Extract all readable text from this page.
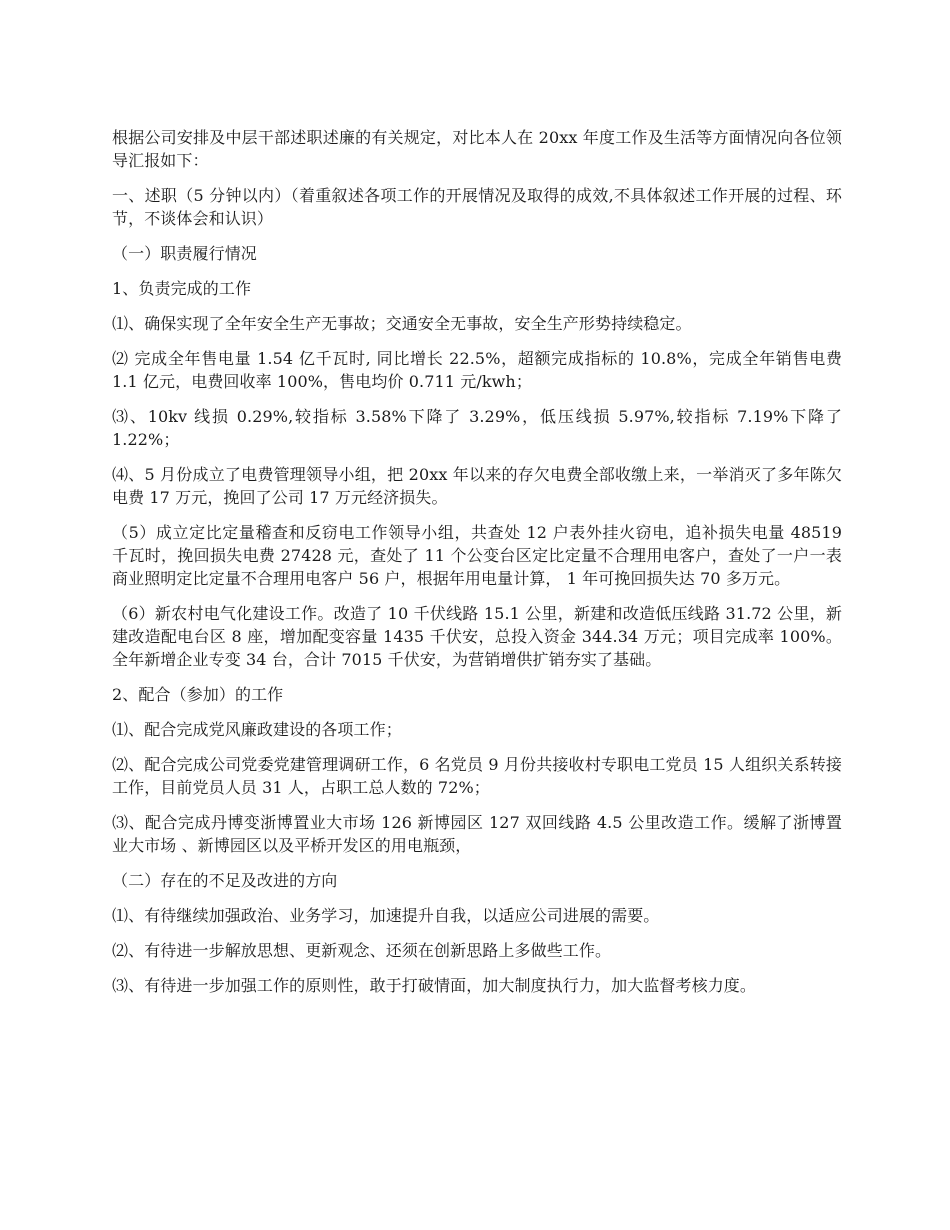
根据公司安排及中层干部述职述廉的有关规定，对比本人在 20xx 年度工作及生活等方面情况向各位领导汇报如下：

一、述职（5 分钟以内）（着重叙述各项工作的开展情况及取得的成效,不具体叙述工作开展的过程、环节，不谈体会和认识）

（一）职责履行情况

1、负责完成的工作

⑴、确保实现了全年安全生产无事故；交通安全无事故，安全生产形势持续稳定。

⑵ 完成全年售电量 1.54 亿千瓦时, 同比增长 22.5%，超额完成指标的 10.8%，完成全年销售电费 1.1 亿元，电费回收率 100%，售电均价 0.711 元/kwh；

⑶、10kv 线损 0.29%,较指标 3.58%下降了 3.29%，低压线损 5.97%,较指标 7.19%下降了 1.22%；

⑷、5 月份成立了电费管理领导小组，把 20xx 年以来的存欠电费全部收缴上来，一举消灭了多年陈欠电费 17 万元，挽回了公司 17 万元经济损失。

（5）成立定比定量稽查和反窃电工作领导小组，共查处 12 户表外挂火窃电，追补损失电量 48519 千瓦时，挽回损失电费 27428 元，查处了 11 个公变台区定比定量不合理用电客户，查处了一户一表商业照明定比定量不合理用电客户 56 户，根据年用电量计算， 1 年可挽回损失达 70 多万元。

（6）新农村电气化建设工作。改造了 10 千伏线路 15.1 公里，新建和改造低压线路 31.72 公里，新建改造配电台区 8 座，增加配变容量 1435 千伏安，总投入资金 344.34 万元；项目完成率 100%。全年新增企业专变 34 台，合计 7015 千伏安，为营销增供扩销夯实了基础。

2、配合（参加）的工作

⑴、配合完成党风廉政建设的各项工作；

⑵、配合完成公司党委党建管理调研工作，6 名党员 9 月份共接收村专职电工党员 15 人组织关系转接工作，目前党员人员 31 人，占职工总人数的 72%；

⑶、配合完成丹博变浙博置业大市场 126 新博园区 127 双回线路 4.5 公里改造工作。缓解了浙博置业大市场 、新博园区以及平桥开发区的用电瓶颈，

（二）存在的不足及改进的方向

⑴、有待继续加强政治、业务学习，加速提升自我，以适应公司进展的需要。

⑵、有待进一步解放思想、更新观念、还须在创新思路上多做些工作。

⑶、有待进一步加强工作的原则性，敢于打破情面，加大制度执行力，加大监督考核力度。
